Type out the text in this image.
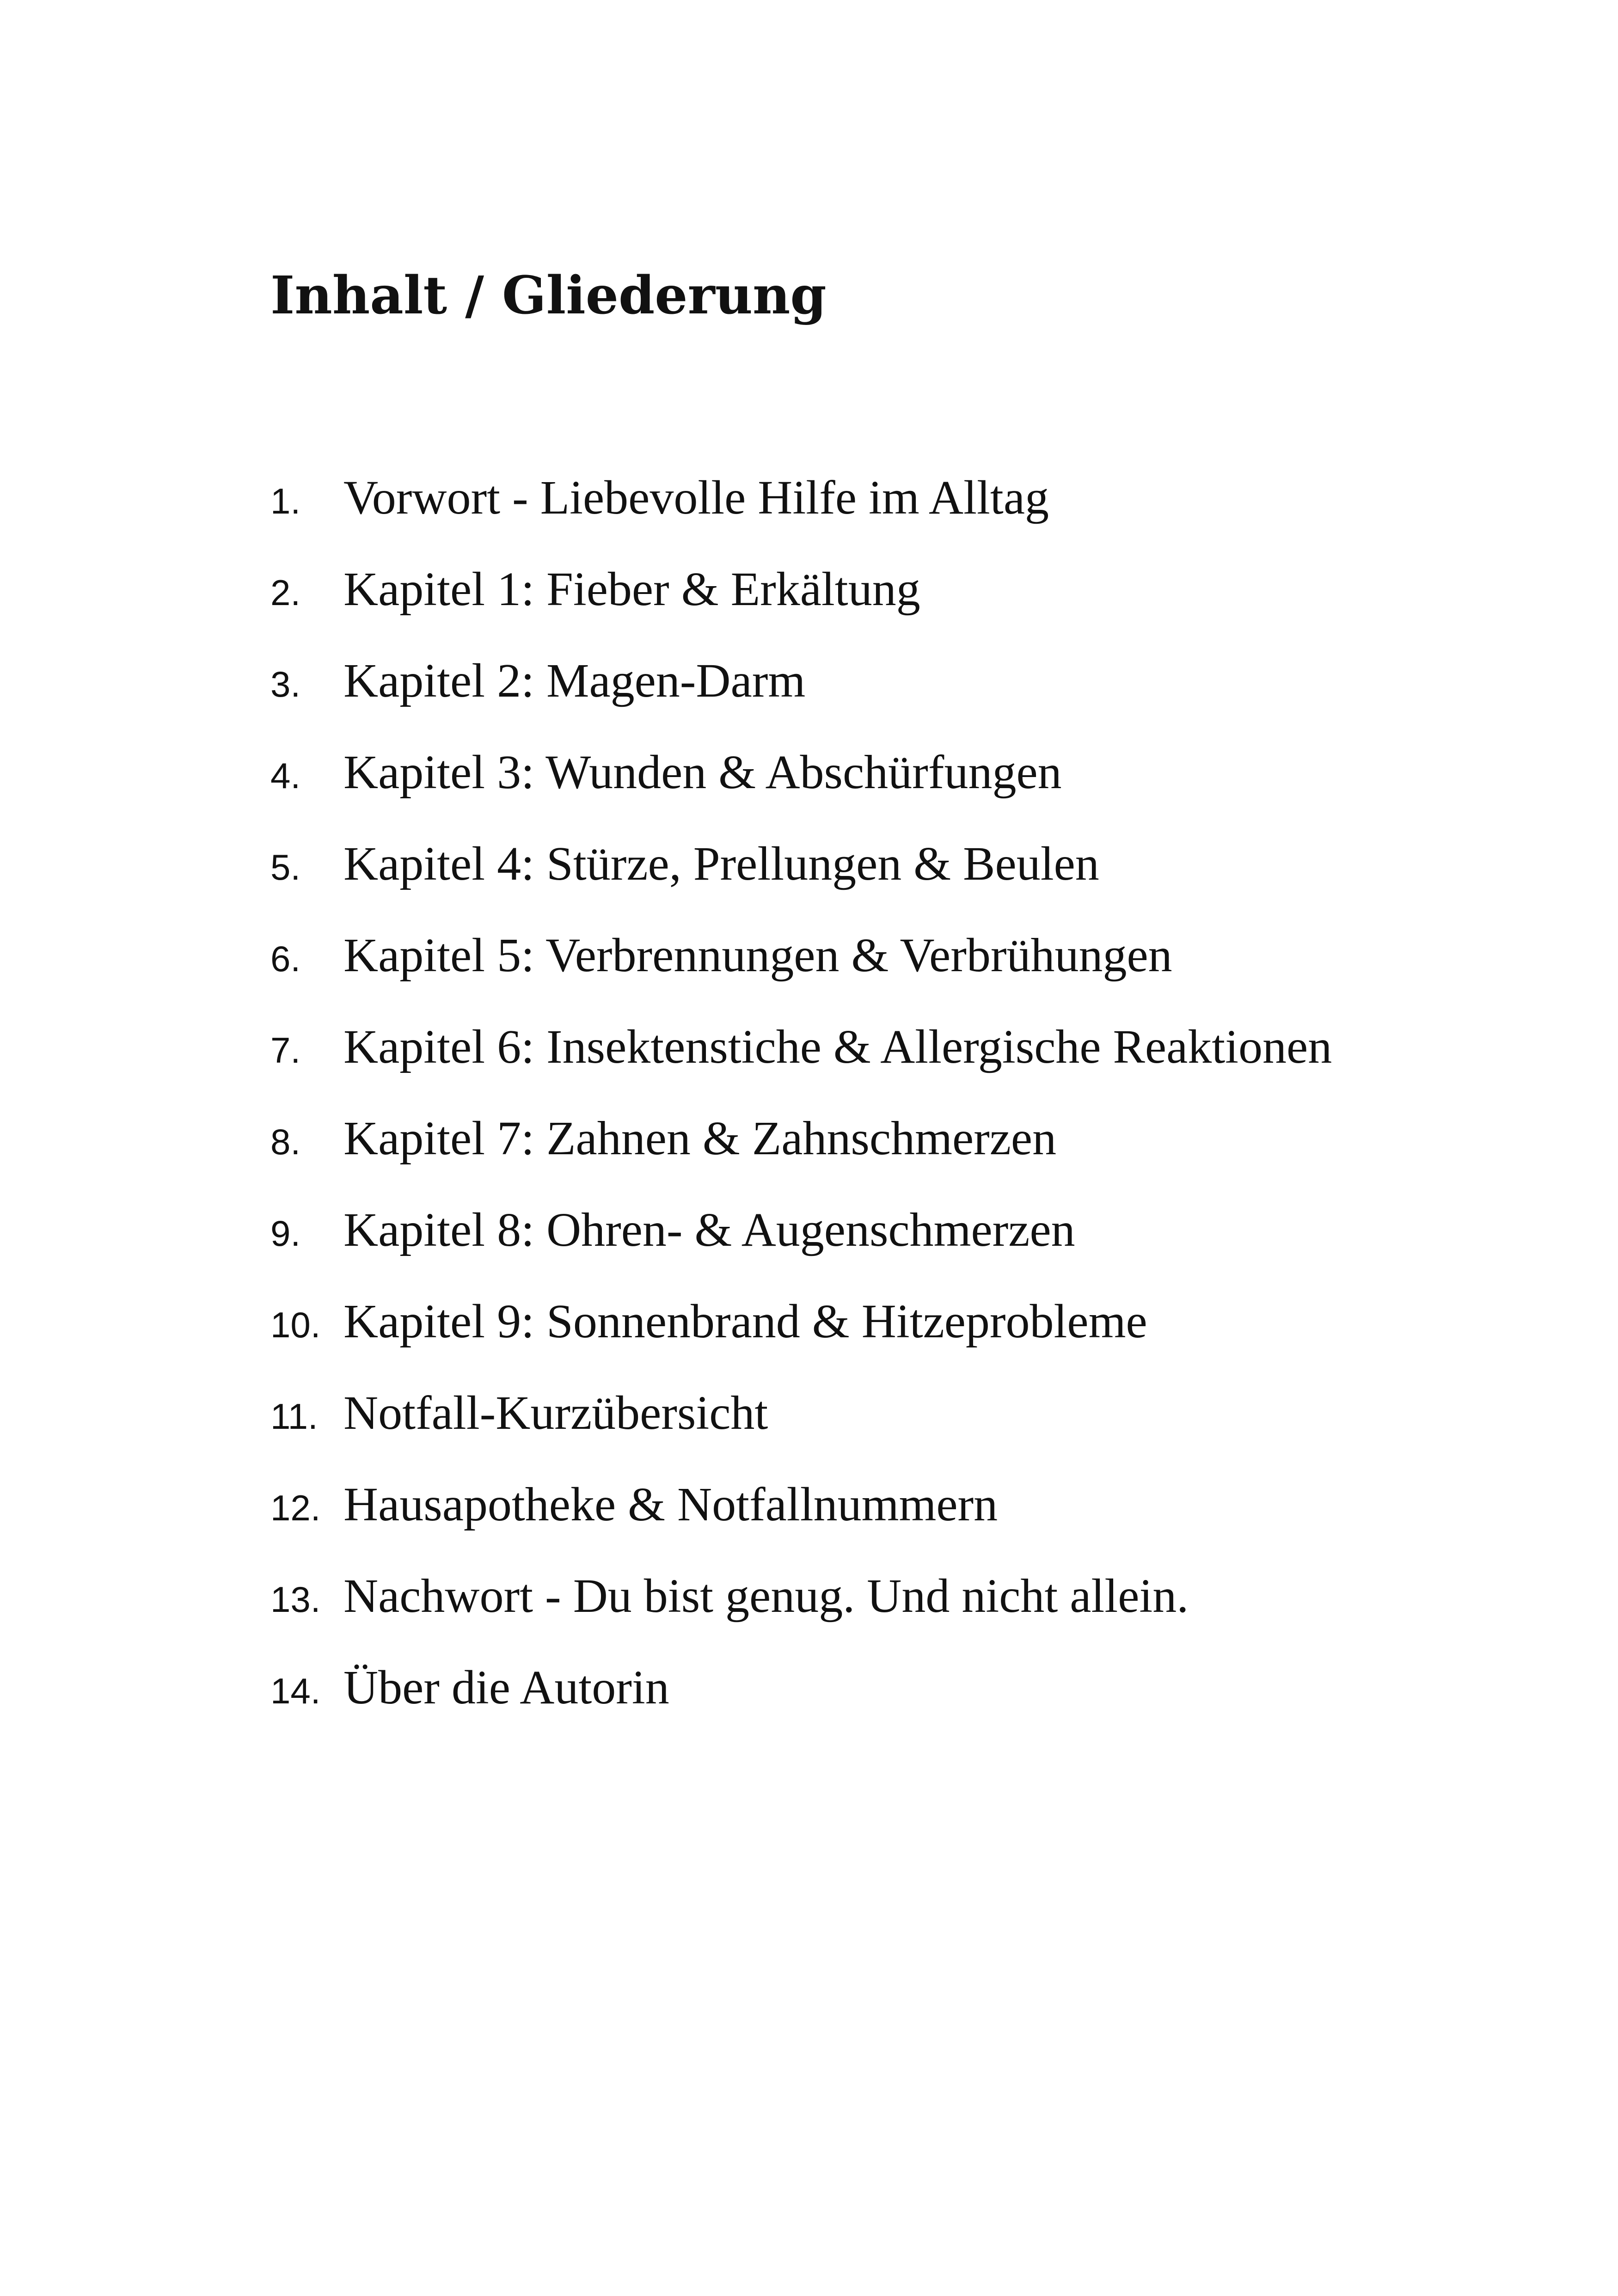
Inhalt / Gliederung
1. Vorwort - Liebevolle Hilfe im Alltag
2. Kapitel 1: Fieber & Erkältung
3. Kapitel 2: Magen-Darm
4. Kapitel 3: Wunden & Abschürfungen
5. Kapitel 4: Stürze, Prellungen & Beulen
6. Kapitel 5: Verbrennungen & Verbrühungen
7. Kapitel 6: Insektenstiche & Allergische Reaktionen
8. Kapitel 7: Zahnen & Zahnschmerzen
9. Kapitel 8: Ohren- & Augenschmerzen
10. Kapitel 9: Sonnenbrand & Hitzeprobleme
11. Notfall-Kurzübersicht
12. Hausapotheke & Notfallnummern
13. Nachwort - Du bist genug. Und nicht allein.
14. Über die Autorin
